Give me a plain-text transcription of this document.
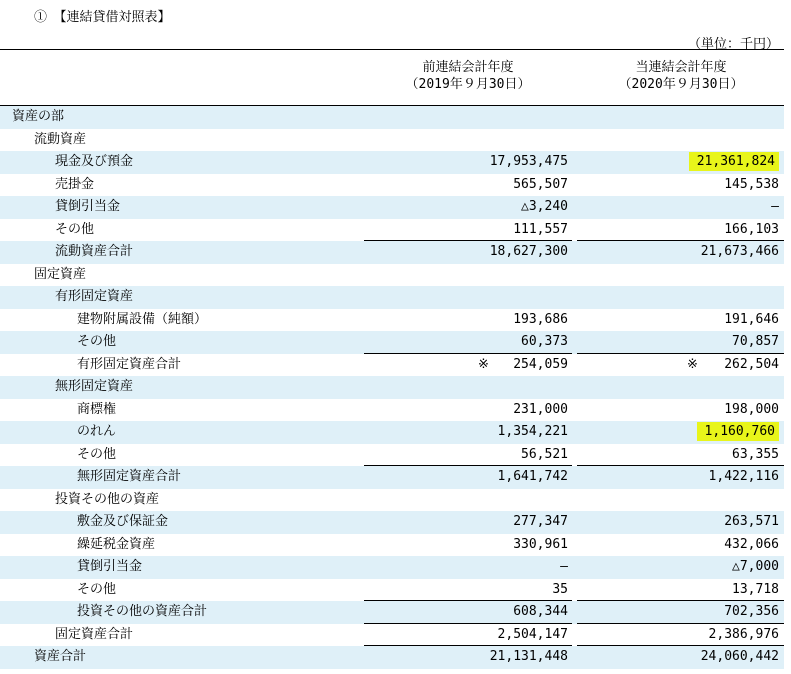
①　【連結貸借対照表】
（単位：千円）
前連結会計年度
（2019年９月30日）
当連結会計年度
（2020年９月30日）
資産の部
流動資産
現金及び預金	17,953,475	21,361,824
売掛金	565,507	145,538
貸倒引当金	△3,240	―
その他	111,557	166,103
流動資産合計	18,627,300	21,673,466
固定資産
有形固定資産
建物附属設備（純額）	193,686	191,646
その他	60,373	70,857
有形固定資産合計	※	254,059	※	262,504
無形固定資産
商標権	231,000	198,000
のれん	1,354,221	1,160,760
その他	56,521	63,355
無形固定資産合計	1,641,742	1,422,116
投資その他の資産
敷金及び保証金	277,347	263,571
繰延税金資産	330,961	432,066
貸倒引当金	―	△7,000
その他	35	13,718
投資その他の資産合計	608,344	702,356
固定資産合計	2,504,147	2,386,976
資産合計	21,131,448	24,060,442
